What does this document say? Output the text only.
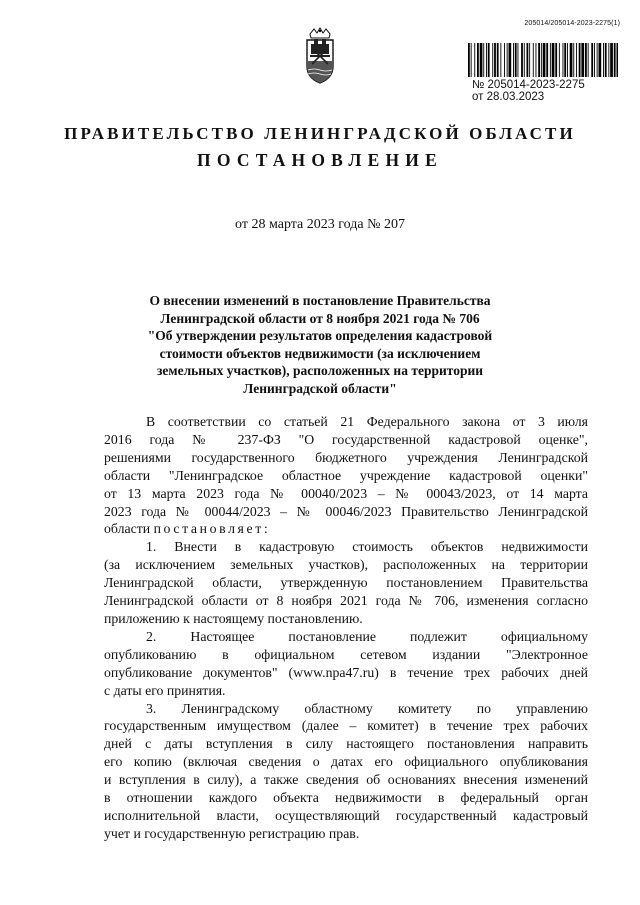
205014/205014-2023-2275(1)
№ 205014-2023-2275
от 28.03.2023
ПРАВИТЕЛЬСТВО ЛЕНИНГРАДСКОЙ ОБЛАСТИ
ПОСТАНОВЛЕНИЕ
от 28 марта 2023 года № 207
О внесении изменений в постановление Правительства
Ленинградской области от 8 ноября 2021 года № 706
"Об утверждении результатов определения кадастровой
стоимости объектов недвижимости (за исключением
земельных участков), расположенных на территории
Ленинградской области"
В соответствии со статьей 21 Федерального закона от 3 июля
2016 года № 237-ФЗ "О государственной кадастровой оценке",
решениями государственного бюджетного учреждения Ленинградской
области "Ленинградское областное учреждение кадастровой оценки"
от 13 марта 2023 года № 00040/2023 – № 00043/2023, от 14 марта
2023 года № 00044/2023 – № 00046/2023 Правительство Ленинградской
области постановляет:
1. Внести в кадастровую стоимость объектов недвижимости
(за исключением земельных участков), расположенных на территории
Ленинградской области, утвержденную постановлением Правительства
Ленинградской области от 8 ноября 2021 года № 706, изменения согласно
приложению к настоящему постановлению.
2. Настоящее постановление подлежит официальному
опубликованию в официальном сетевом издании "Электронное
опубликование документов" (www.npa47.ru) в течение трех рабочих дней
с даты его принятия.
3. Ленинградскому областному комитету по управлению
государственным имуществом (далее – комитет) в течение трех рабочих
дней с даты вступления в силу настоящего постановления направить
его копию (включая сведения о датах его официального опубликования
и вступления в силу), а также сведения об основаниях внесения изменений
в отношении каждого объекта недвижимости в федеральный орган
исполнительной власти, осуществляющий государственный кадастровый
учет и государственную регистрацию прав.
